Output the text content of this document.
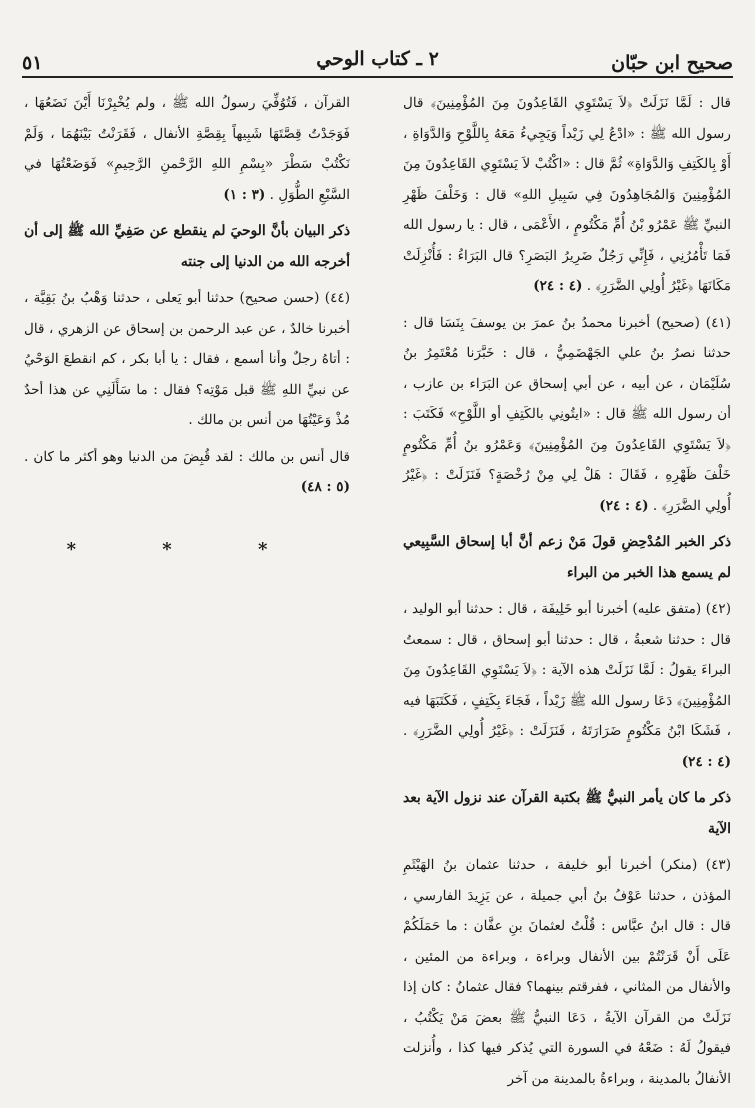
صحيح ابن حبّان
٢ ـ كتاب الوحي
٥١

قال : لَمَّا نَزَلَتْ ﴿لاَ يَسْتَوِي القَاعِدُونَ مِنَ المُؤْمِنِينَ﴾ قال رسول الله ﷺ : «ادْعُ لِي زَيْداً وَيَجِيءُ مَعَهُ بِاللَّوْحِ وَالدَّوَاةِ ، أَوْ بِالكَتِفِ وَالدَّوَاةِ» ثُمَّ قال : «اكْتُبْ لاَ يَسْتَوِي القَاعِدُونَ مِنَ المُؤْمِنِينَ وَالمُجَاهِدُونَ فِي سَبِيلِ اللهِ» قال : وَخَلْفَ ظَهْرِ النبيِّ ﷺ عَمْرُو بْنُ أُمِّ مَكْتُومٍ ، الأَعْمَى ، قال : يا رسول الله فَمَا تَأْمُرُنِي ، فَإِنِّي رَجُلٌ ضَرِيرُ البَصَرِ؟ قال البَرَاءُ : فَأُنْزِلَتْ مَكَانَهَا ﴿غَيْرُ أُولِي الضَّرَرِ﴾ . (٤ : ٢٤)

(٤١) (صحيح) أخبرنا محمدُ بنُ عمرَ بن يوسفَ بِنَسَا قال : حدثنا نصرُ بنُ علي الجَهْضَمِيُّ ، قال : خَبَّرَنا مُعْتَمِرُ بنُ سُلَيْمَان ، عن أبيه ، عن أبي إسحاق عن البَرَاء بن عازب ، أن رسول الله ﷺ قال : «ايتُونِي بالكَتِفِ أو اللَّوْحِ» فَكَتَبَ : ﴿لاَ يَسْتَوِي القَاعِدُونَ مِنَ المُؤْمِنِينَ﴾ وَعَمْرُو بنُ أُمِّ مَكْتُومٍ خَلْفَ ظَهْرِهِ ، فَقَالَ : هَلْ لِي مِنْ رُخْصَةٍ؟ فَنَزَلَتْ : ﴿غَيْرُ أُولِي الضَّرَرِ﴾ . (٤ : ٢٤)

ذكر الخبر المُدْحِضِ قولَ مَنْ زعم أنَّ أبا إسحاق السَّبِيعي لم يسمع هذا الخبر من البراء

(٤٢) (متفق عليه) أخبرنا أبو خَلِيفَة ، قال : حدثنا أبو الوليد ، قال : حدثنا شعبةُ ، قال : حدثنا أبو إسحاق ، قال : سمعتُ البراءَ يقولُ : لَمَّا نَزَلَتْ هذه الآية : ﴿لاَ يَسْتَوِي القَاعِدُونَ مِنَ المُؤْمِنِينَ﴾ دَعَا رسول الله ﷺ زَيْداً ، فَجَاءَ بِكَتِفٍ ، فَكَتَبَهَا فيه ، فَشَكَا ابْنُ مَكْتُومٍ ضَرَارَتَهُ ، فَنَزَلَتْ : ﴿غَيْرُ أُولِي الضَّرَرِ﴾ . (٤ : ٢٤)

ذكر ما كان يأمر النبيُّ ﷺ بكتبة القرآن عند نزول الآية بعد الآية

(٤٣) (منكر) أخبرنا أبو خليفة ، حدثنا عثمان بنُ الهَيْثَمِ المؤذن ، حدثنا عَوْفُ بنُ أبي جميلة ، عن يَزِيدَ الفارسي ، قال : قال ابنُ عبَّاس : قُلْتُ لعثمانَ بنِ عفَّان : ما حَمَلَكُمْ عَلَى أَنْ قَرَنْتُمْ بين الأنفال وبراءة ، وبراءة من المئين ، والأنفال من المثاني ، ففرقتم بينهما؟ فقال عثمانُ : كان إذا نَزَلَتْ من القرآن الآيةُ ، دَعَا النبيُّ ﷺ بعضَ مَنْ يَكْتُبُ ، فيقولُ لَهُ : ضَعْهُ في السورة التي يُذكر فيها كذا ، وأُنزلت الأنفالُ بالمدينة ، وبراءةُ بالمدينة من آخر

القرآن ، فَتُوُفِّيَ رسولُ الله ﷺ ، ولم يُخْبِرْنَا أَيْنَ نَضَعُهَا ، فَوَجَدْتُ قِصَّتَهَا شَبِيهاً بِقِصَّةِ الأنفال ، فَقَرَنْتُ بَيْنَهُمَا ، وَلَمْ نَكْتُبْ سَطْرَ «بِسْمِ اللهِ الرَّحْمنِ الرَّحِيمِ» فَوَضَعْتُهَا في السَّبْعِ الطُّوَلِ . (٣ : ١)

ذكر البيان بأنَّ الوحيَ لم ينقطع عن صَفِيِّ الله ﷺ إلى أن أخرجه الله من الدنيا إلى جنته

(٤٤) (حسن صحيح) حدثنا أبو يَعلى ، حدثنا وَهْبُ بنُ بَقِيَّة ، أخبرنا خالدٌ ، عن عبد الرحمن بن إسحاق عن الزهري ، قال : أتاهُ رجلٌ وأنا أسمع ، فقال : يا أبا بكر ، كم انقطعَ الوَحْيُ عن نبيِّ اللهِ ﷺ قبل مَوْتِه؟ فقال : ما سَأَلَنِي عن هذا أحدٌ مُذْ وَعَيْتُهَا من أنس بن مالك .

قال أنس بن مالك : لقد قُبِضَ من الدنيا وهو أكثر ما كان . (٥ : ٤٨)

* * *
